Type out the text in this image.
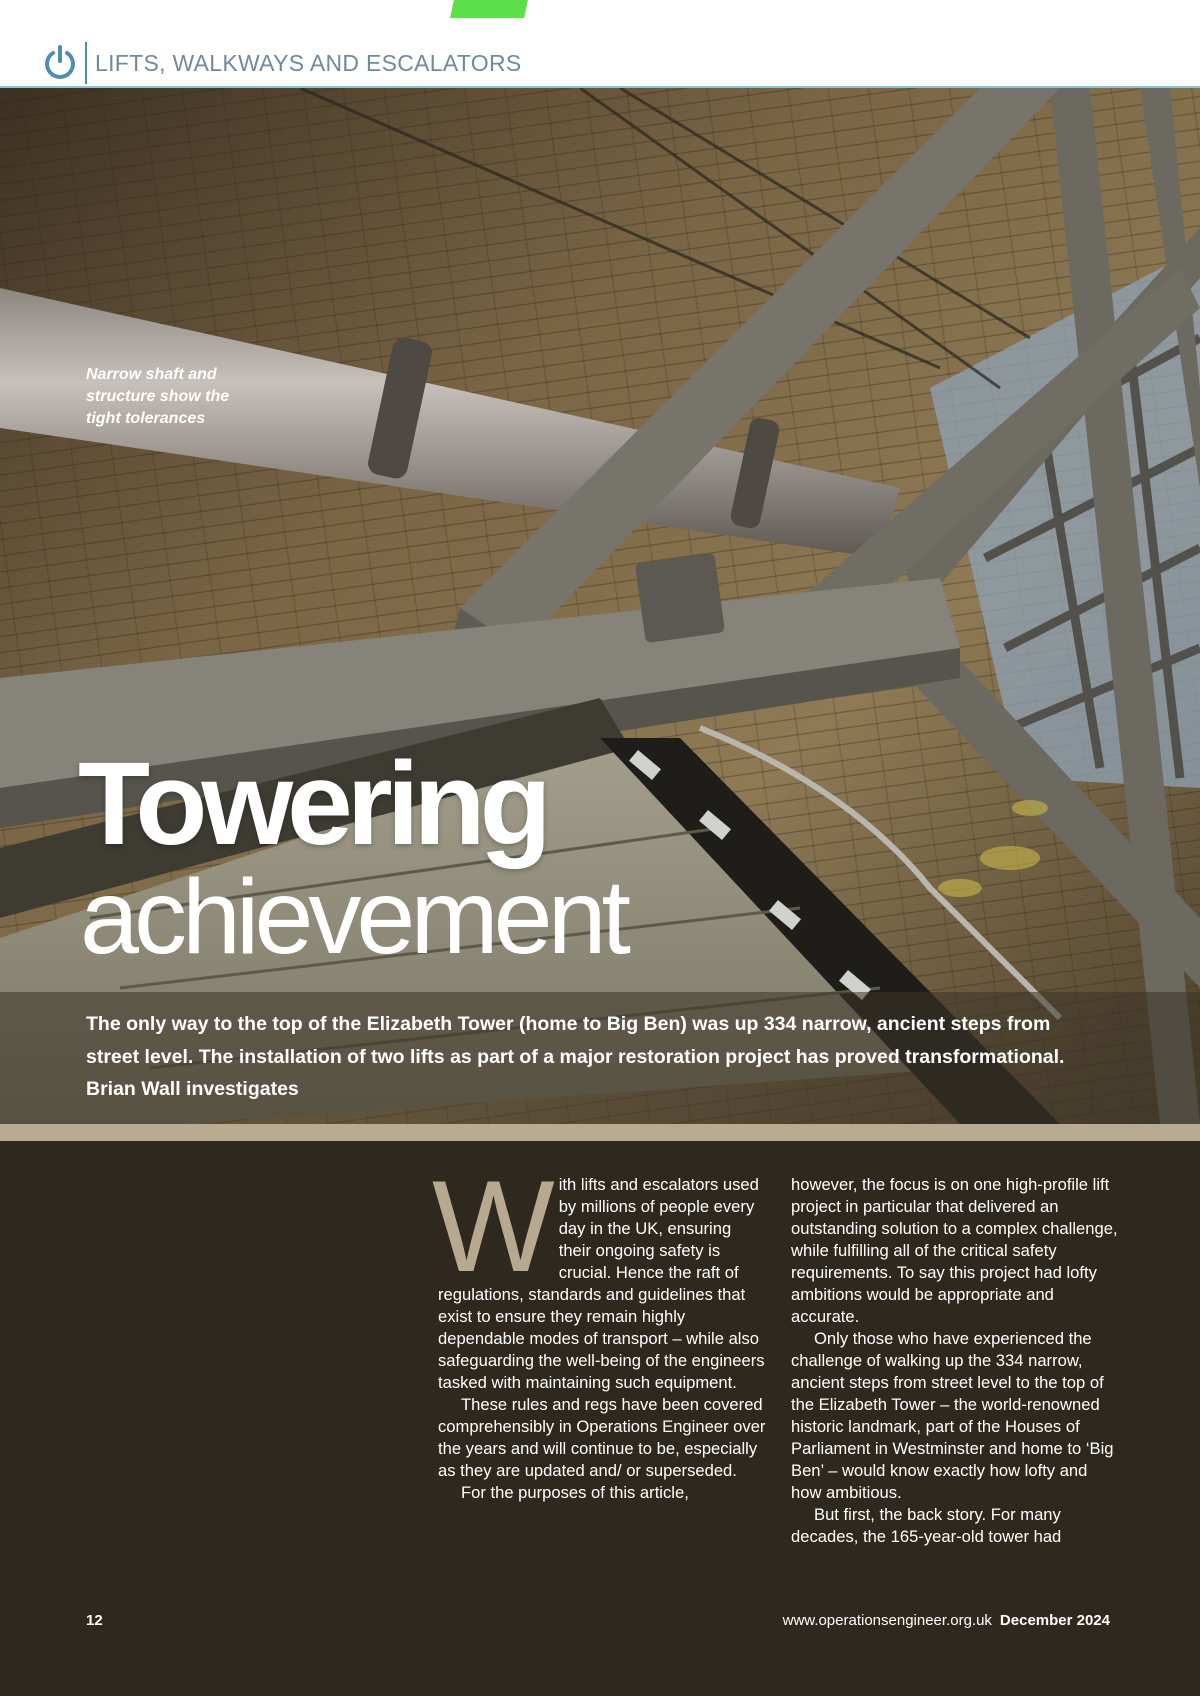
LIFTS, WALKWAYS AND ESCALATORS
Narrow shaft and structure show the tight tolerances
Towering
achievement
The only way to the top of the Elizabeth Tower (home to Big Ben) was up 334 narrow, ancient steps from street level. The installation of two lifts as part of a major restoration project has proved transformational. Brian Wall investigates

With lifts and escalators used by millions of people every day in the UK, ensuring their ongoing safety is crucial. Hence the raft of regulations, standards and guidelines that exist to ensure they remain highly dependable modes of transport – while also safeguarding the well-being of the engineers tasked with maintaining such equipment.

These rules and regs have been covered comprehensibly in Operations Engineer over the years and will continue to be, especially as they are updated and/ or superseded.

For the purposes of this article,

however, the focus is on one high-profile lift project in particular that delivered an outstanding solution to a complex challenge, while fulfilling all of the critical safety requirements. To say this project had lofty ambitions would be appropriate and accurate.

Only those who have experienced the challenge of walking up the 334 narrow, ancient steps from street level to the top of the Elizabeth Tower – the world-renowned historic landmark, part of the Houses of Parliament in Westminster and home to ‘Big Ben’ – would know exactly how lofty and how ambitious.

But first, the back story. For many decades, the 165-year-old tower had

12	www.operationsengineer.org.uk December 2024
